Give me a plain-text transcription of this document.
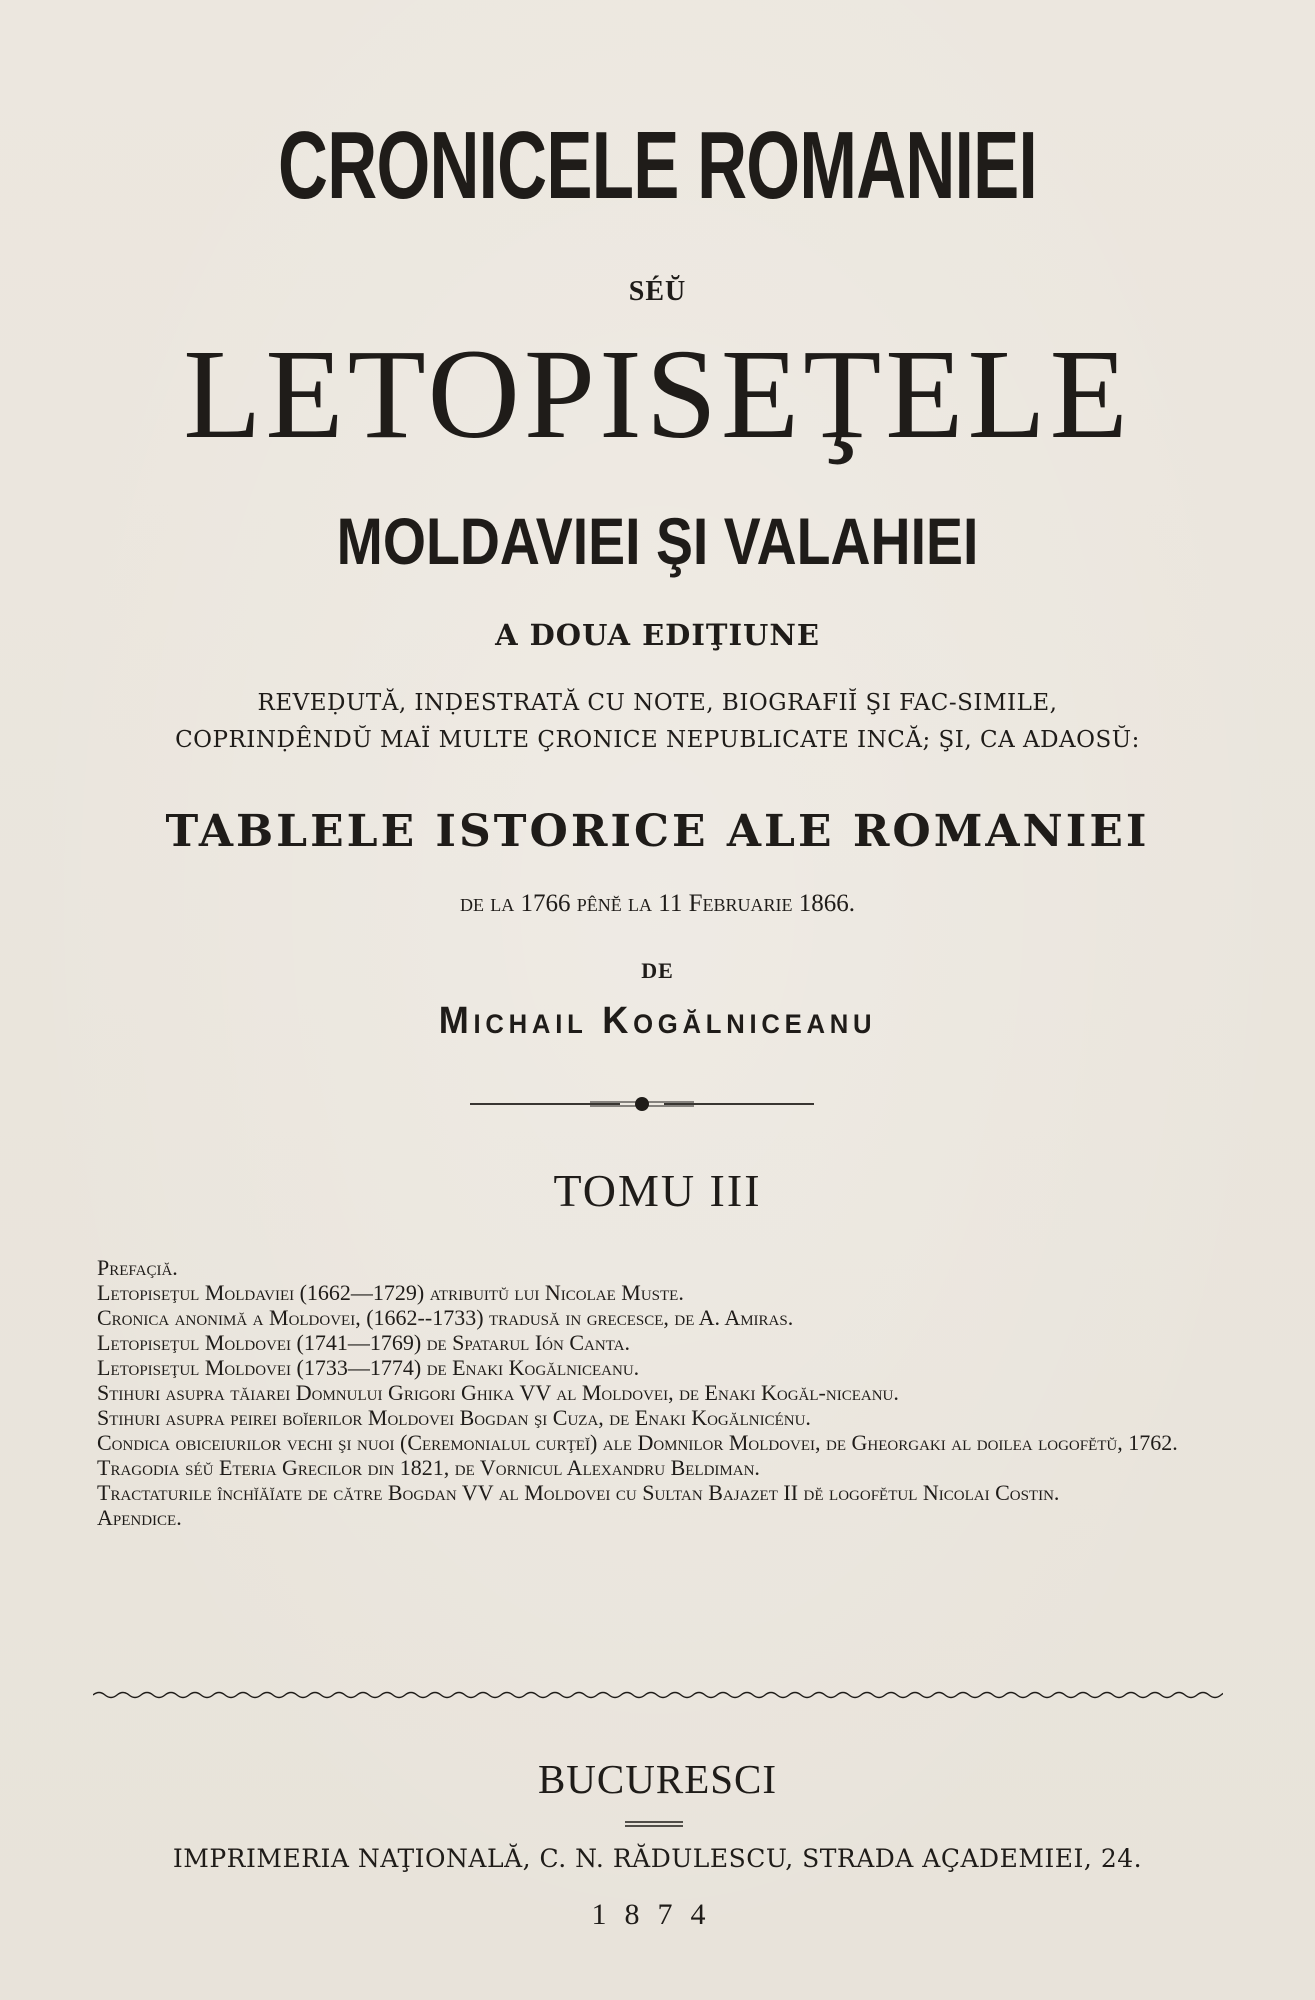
CRONICELE ROMANIEI
SÉŬ
LETOPISEŢELE
MOLDAVIEI ŞI VALAHIEI
A DOUA EDIŢIUNE
REVEḌUTĂ, INḌESTRATĂ CU NOTE, BIOGRAFIĬ ŞI FAC-SIMILE,
COPRINḌÊNDŬ MAÏ MULTE ÇRONICE NEPUBLICATE INCĂ; ŞI, CA ADAOSŬ:
TABLELE ISTORICE ALE ROMANIEI
de la 1766 pênĕ la 11 Februarie 1866.
DE
Michail Kogălniceanu
TOMU III

Prefaçiă.

Letopiseţul Moldaviei (1662—1729) atribuitŭ lui Nicolae Muste.

Cronica anonimă a Moldovei, (1662--1733) tradusă in grecesce, de A. Amiras.

Letopiseţul Moldovei (1741—1769) de Spatarul Ión Canta.

Letopiseţul Moldovei (1733—1774) de Enaki Kogălniceanu.

Stihuri asupra tăiarei Domnului Grigori Ghika VV al Moldovei, de Enaki Kogăl-niceanu.

Stihuri asupra peirei boĭerilor Moldovei Bogdan şi Cuza, de Enaki Kogălnicénu.

Condica obiceiurilor vechi şi nuoi (Ceremonialul curţeĭ) ale Domnilor Moldovei, de Gheorgaki al doilea logofĕtŭ, 1762.

Tragodia séŭ Eteria Grecilor din 1821, de Vornicul Alexandru Beldiman.

Tractaturile închĭăĭate de către Bogdan VV al Moldovei cu Sultan Bajazet II dĕ logofĕtul Nicolai Costin.

Apendice.

BUCURESCI
IMPRIMERIA NAŢIONALĂ, C. N. RĂDULESCU, STRADA AÇADEMIEI, 24.
1874
